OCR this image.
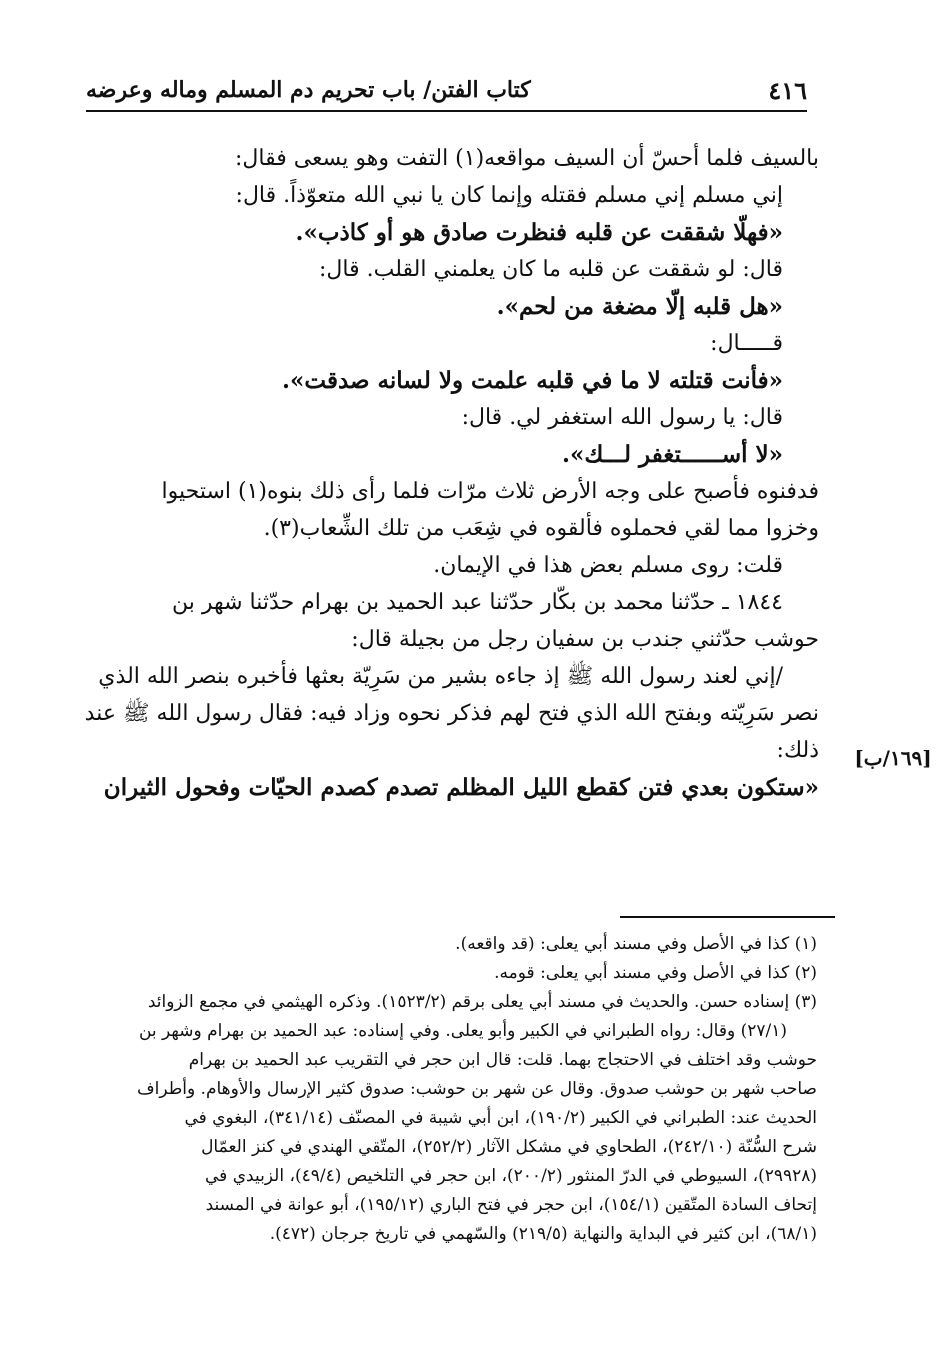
٤١٦
كتاب الفتن/ باب تحريم دم المسلم وماله وعرضه

بالسيف فلما أحسّ أن السيف مواقعه(١) التفت وهو يسعى فقال:

إني مسلم إني مسلم فقتله وإنما كان يا نبي الله متعوّذاً. قال:

«فهلّا شققت عن قلبه فنظرت صادق هو أو كاذب».

قال: لو شققت عن قلبه ما كان يعلمني القلب. قال:

«هل قلبه إلّا مضغة من لحم».

قـــــال:

«فأنت قتلته لا ما في قلبه علمت ولا لسانه صدقت».

قال: يا رسول الله استغفر لي. قال:

«لا أســــــتغفر لـــك».

فدفنوه فأصبح على وجه الأرض ثلاث مرّات فلما رأى ذلك بنوه(١) استحيوا

وخزوا مما لقي فحملوه فألقوه في شِعَب من تلك الشِّعاب(٣).

قلت: روى مسلم بعض هذا في الإيمان.

١٨٤٤ ـ حدّثنا محمد بن بكّار حدّثنا عبد الحميد بن بهرام حدّثنا شهر بن

حوشب حدّثني جندب بن سفيان رجل من بجيلة قال:

/إني لعند رسول الله ﷺ إذ جاءه بشير من سَرِيّة بعثها فأخبره بنصر الله الذي

نصر سَرِيّته وبفتح الله الذي فتح لهم فذكر نحوه وزاد فيه: فقال رسول الله ﷺ عند

ذلك:

«ستكون بعدي فتن كقطع الليل المظلم تصدم كصدم الحيّات وفحول الثيران

[١٦٩/ب]

(١) كذا في الأصل وفي مسند أبي يعلى: (قد واقعه).

(٢) كذا في الأصل وفي مسند أبي يعلى: قومه.

(٣) إسناده حسن. والحديث في مسند أبي يعلى برقم (١٥٢٣/٢). وذكره الهيثمي في مجمع الزوائد

(٢٧/١) وقال: رواه الطبراني في الكبير وأبو يعلى. وفي إسناده: عبد الحميد بن بهرام وشهر بن

حوشب وقد اختلف في الاحتجاج بهما. قلت: قال ابن حجر في التقريب عبد الحميد بن بهرام

صاحب شهر بن حوشب صدوق. وقال عن شهر بن حوشب: صدوق كثير الإرسال والأوهام. وأطراف

الحديث عند: الطبراني في الكبير (١٩٠/٢)، ابن أبي شيبة في المصنّف (٣٤١/١٤)، البغوي في

شرح السُّنّة (٢٤٢/١٠)، الطحاوي في مشكل الآثار (٢٥٢/٢)، المتّقي الهندي في كنز العمّال

(٢٩٩٢٨)، السيوطي في الدرّ المنثور (٢٠٠/٢)، ابن حجر في التلخيص (٤٩/٤)، الزبيدي في

إتحاف السادة المتّقين (١٥٤/١)، ابن حجر في فتح الباري (١٩٥/١٢)، أبو عوانة في المسند

(٦٨/١)، ابن كثير في البداية والنهاية (٢١٩/٥) والسّهمي في تاريخ جرجان (٤٧٢).
